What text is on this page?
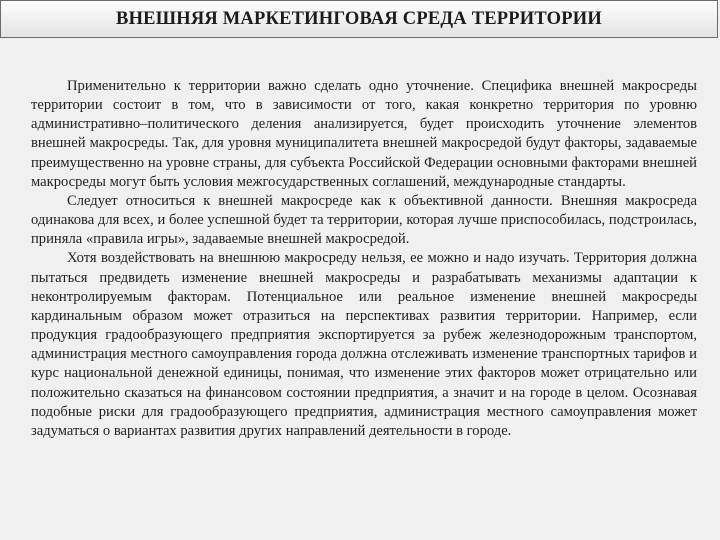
ВНЕШНЯЯ МАРКЕТИНГОВАЯ СРЕДА ТЕРРИТОРИИ

Применительно к территории важно сделать одно уточнение. Специфика внешней макросреды территории состоит в том, что в зависимости от того, какая конкретно территория по уровню административно–политического деления анализируется, будет происходить уточнение элементов внешней макросреды. Так, для уровня муниципалитета внешней макросредой будут факторы, задаваемые преимущественно на уровне страны, для субъекта Российской Федерации основными факторами внешней макросреды могут быть условия межгосударственных соглашений, международные стандарты.

Следует относиться к внешней макросреде как к объективной данности. Внешняя макросреда одинакова для всех, и более успешной будет та территории, которая лучше приспособилась, подстроилась, приняла «правила игры», задаваемые внешней макросредой.

Хотя воздействовать на внешнюю макросреду нельзя, ее можно и надо изучать. Территория должна пытаться предвидеть изменение внешней макросреды и разрабатывать механизмы адаптации к неконтролируемым факторам. Потенциальное или реальное изменение внешней макросреды кардинальным образом может отразиться на перспективах развития территории. Например, если продукция градообразующего предприятия экспортируется за рубеж железнодорожным транспортом, администрация местного самоуправления города должна отслеживать изменение транспортных тарифов и курс национальной денежной единицы, понимая, что изменение этих факторов может отрицательно или положительно сказаться на финансовом состоянии предприятия, а значит и на городе в целом. Осознавая подобные риски для градообразующего предприятия, администрация местного самоуправления может задуматься о вариантах развития других направлений деятельности в городе.
